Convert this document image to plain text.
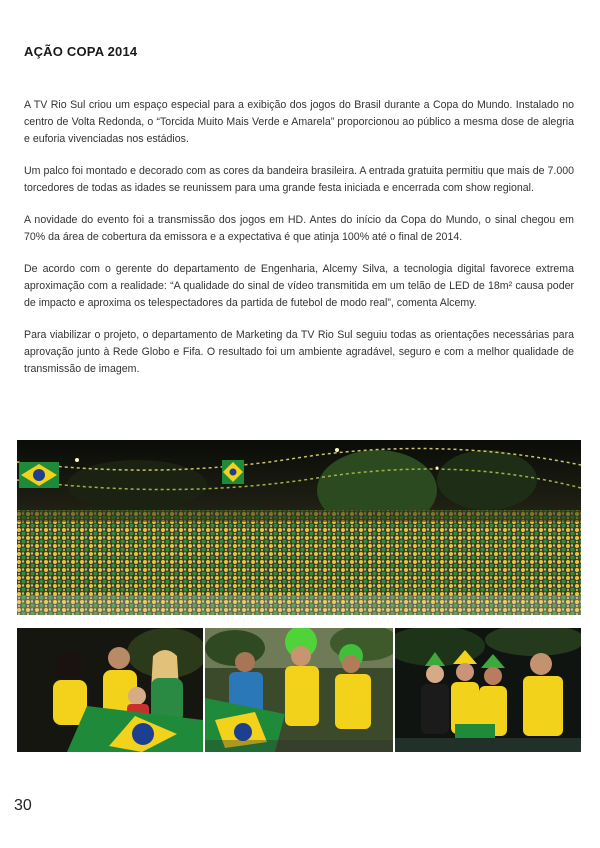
AÇÃO COPA 2014

A TV Rio Sul criou um espaço especial para a exibição dos jogos do Brasil durante a Copa do Mundo. Instalado no centro de Volta Redonda, o “Torcida Muito Mais Verde e Amarela” proporcionou ao público a mesma dose de alegria e euforia vivenciadas nos estádios.

Um palco foi montado e decorado com as cores da bandeira brasileira. A entrada gratuita permitiu que mais de 7.000 torcedores de todas as idades se reunissem para uma grande festa iniciada e encerrada com show regional.

A novidade do evento foi a transmissão dos jogos em HD. Antes do início da Copa do Mundo, o sinal chegou em 70% da área de cobertura da emissora e a expectativa é que atinja 100% até o final de 2014.

De acordo com o gerente do departamento de Engenharia, Alcemy Silva, a tecnologia digital favorece extrema aproximação com a realidade: “A qualidade do sinal de vídeo transmitida em um telão de LED de 18m² causa poder de impacto e aproxima os telespectadores da partida de futebol de modo real”, comenta Alcemy.

Para viabilizar o projeto, o departamento de Marketing da TV Rio Sul seguiu todas as orientações necessárias para aprovação junto à Rede Globo e Fifa. O resultado foi um ambiente agradável, seguro e com a melhor qualidade de transmissão de imagem.

30
